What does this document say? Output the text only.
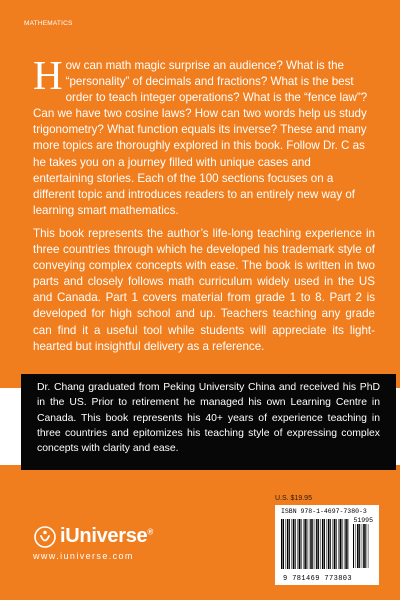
MATHEMATICS

How can math magic surprise an audience? What is the “personality” of decimals and fractions? What is the best order to teach integer operations? What is the “fence law”? Can we have two cosine laws? How can two words help us study trigonometry? What function equals its inverse? These and many more topics are thoroughly explored in this book. Follow Dr. C as he takes you on a journey filled with unique cases and entertaining stories. Each of the 100 sections focuses on a different topic and introduces readers to an entirely new way of learning smart mathematics.

This book represents the author’s life-long teaching experience in three countries through which he developed his trademark style of conveying complex concepts with ease. The book is written in two parts and closely follows math curriculum widely used in the US and Canada. Part 1 covers material from grade 1 to 8. Part 2 is developed for high school and up. Teachers teaching any grade can find it a useful tool while students will appreciate its light-hearted but insightful delivery as a reference.

Dr. Chang graduated from Peking University China and received his PhD in the US. Prior to retirement he managed his own Learning Centre in Canada. This book represents his 40+ years of experience teaching in three countries and epitomizes his teaching style of expressing complex concepts with clarity and ease.
U.S. $19.95
ISBN 978-1-4697-7380-3
51995
9 781469 773803
iUniverse®
www.iuniverse.com
